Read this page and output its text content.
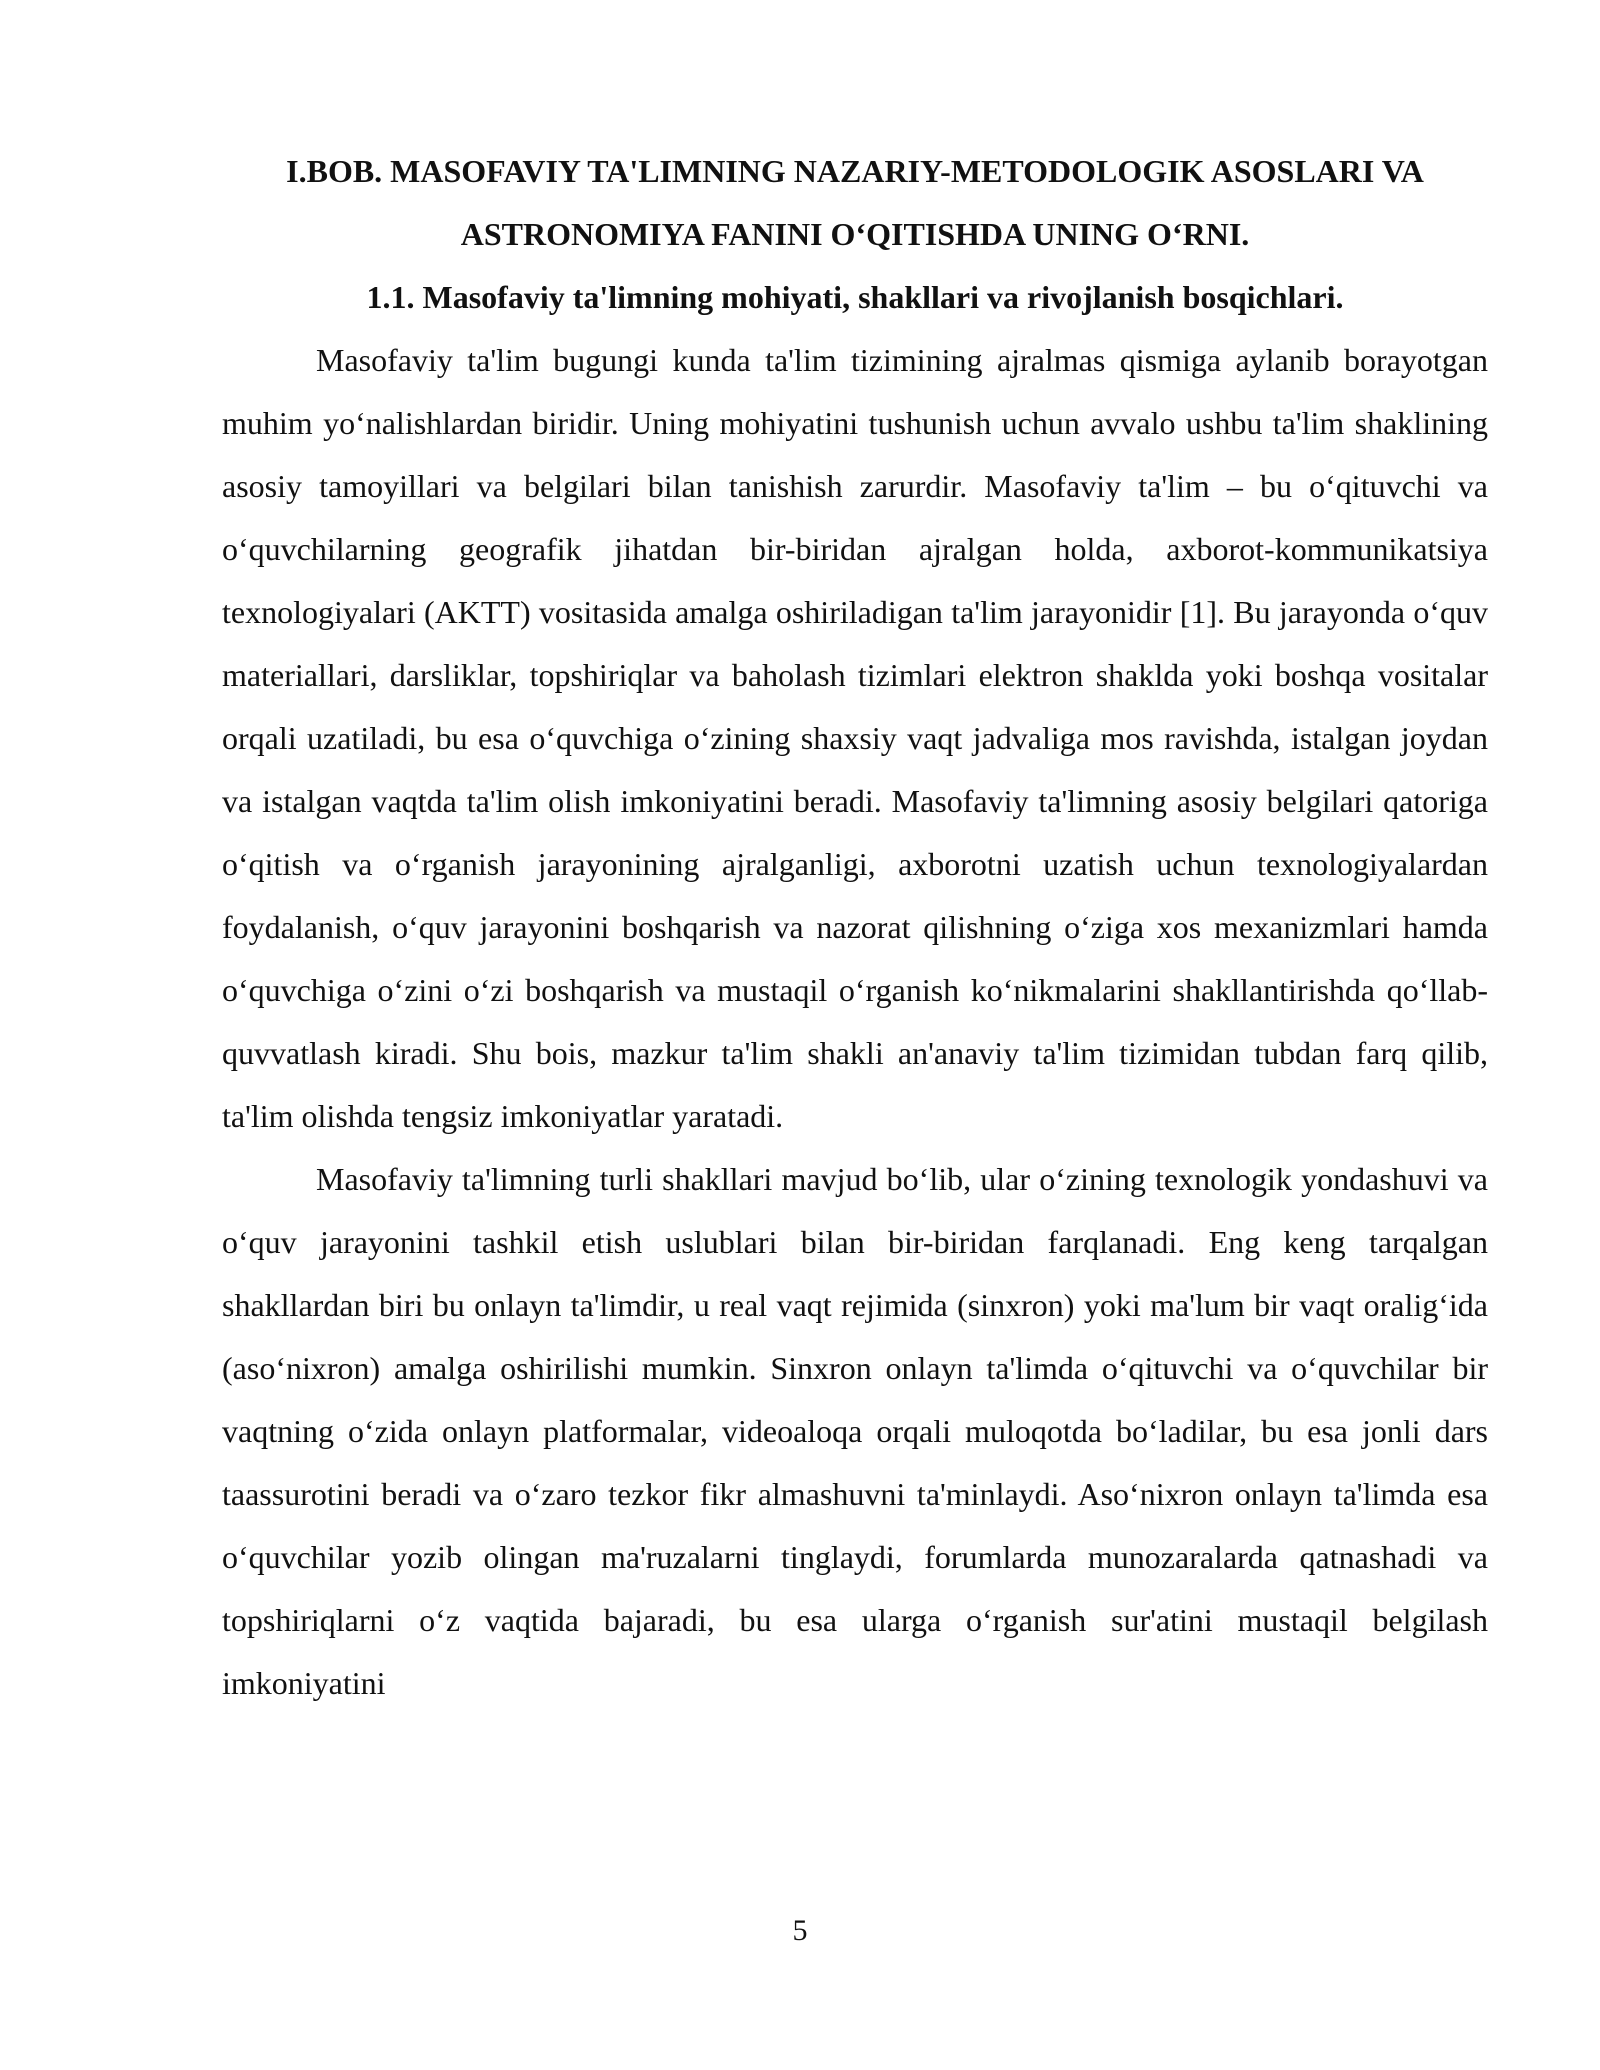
I.BOB. MASOFAVIY TA'LIMNING NAZARIY-METODOLOGIK ASOSLARI VA ASTRONOMIYA FANINI O‘QITISHDA UNING O‘RNI.
1.1. Masofaviy ta'limning mohiyati, shakllari va rivojlanish bosqichlari.

Masofaviy ta'lim bugungi kunda ta'lim tizimining ajralmas qismiga aylanib borayotgan muhim yo‘nalishlardan biridir. Uning mohiyatini tushunish uchun avvalo ushbu ta'lim shaklining asosiy tamoyillari va belgilari bilan tanishish zarurdir. Masofaviy ta'lim – bu o‘qituvchi va o‘quvchilarning geografik jihatdan bir-biridan ajralgan holda, axborot-kommunikatsiya texnologiyalari (AKTT) vositasida amalga oshiriladigan ta'lim jarayonidir [1]. Bu jarayonda o‘quv materiallari, darsliklar, topshiriqlar va baholash tizimlari elektron shaklda yoki boshqa vositalar orqali uzatiladi, bu esa o‘quvchiga o‘zining shaxsiy vaqt jadvaliga mos ravishda, istalgan joydan va istalgan vaqtda ta'lim olish imkoniyatini beradi. Masofaviy ta'limning asosiy belgilari qatoriga o‘qitish va o‘rganish jarayonining ajralganligi, axborotni uzatish uchun texnologiyalardan foydalanish, o‘quv jarayonini boshqarish va nazorat qilishning o‘ziga xos mexanizmlari hamda o‘quvchiga o‘zini o‘zi boshqarish va mustaqil o‘rganish ko‘nikmalarini shakllantirishda qo‘llab-quvvatlash kiradi. Shu bois, mazkur ta'lim shakli an'anaviy ta'lim tizimidan tubdan farq qilib, ta'lim olishda tengsiz imkoniyatlar yaratadi.

Masofaviy ta'limning turli shakllari mavjud bo‘lib, ular o‘zining texnologik yondashuvi va o‘quv jarayonini tashkil etish uslublari bilan bir-biridan farqlanadi. Eng keng tarqalgan shakllardan biri bu onlayn ta'limdir, u real vaqt rejimida (sinxron) yoki ma'lum bir vaqt oralig‘ida (aso‘nixron) amalga oshirilishi mumkin. Sinxron onlayn ta'limda o‘qituvchi va o‘quvchilar bir vaqtning o‘zida onlayn platformalar, videoaloqa orqali muloqotda bo‘ladilar, bu esa jonli dars taassurotini beradi va o‘zaro tezkor fikr almashuvni ta'minlaydi. Aso‘nixron onlayn ta'limda esa o‘quvchilar yozib olingan ma'ruzalarni tinglaydi, forumlarda munozaralarda qatnashadi va topshiriqlarni o‘z vaqtida bajaradi, bu esa ularga o‘rganish sur'atini mustaqil belgilash imkoniyatini

5
